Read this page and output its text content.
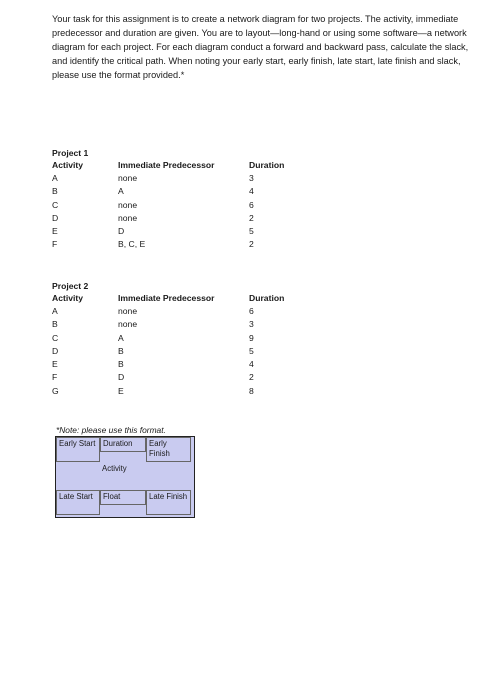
Your task for this assignment is to create a network diagram for two projects. The activity, immediate predecessor and duration are given. You are to layout—long-hand or using some software—a network diagram for each project. For each diagram conduct a forward and backward pass, calculate the slack, and identify the critical path. When noting your early start, early finish, late start, late finish and slack, please use the format provided.*
Project 1
Activity	Immediate Predecessor	Duration
A	none	3
B	A	4
C	none	6
D	none	2
E	D	5
F	B, C, E	2
Project 2
Activity	Immediate Predecessor	Duration
A	none	6
B	none	3
C	A	9
D	B	5
E	B	4
F	D	2
G	E	8
*Note: please use this format.
Early Start Duration	Early Finish
Activity
Late Start	Float	Late Finish
